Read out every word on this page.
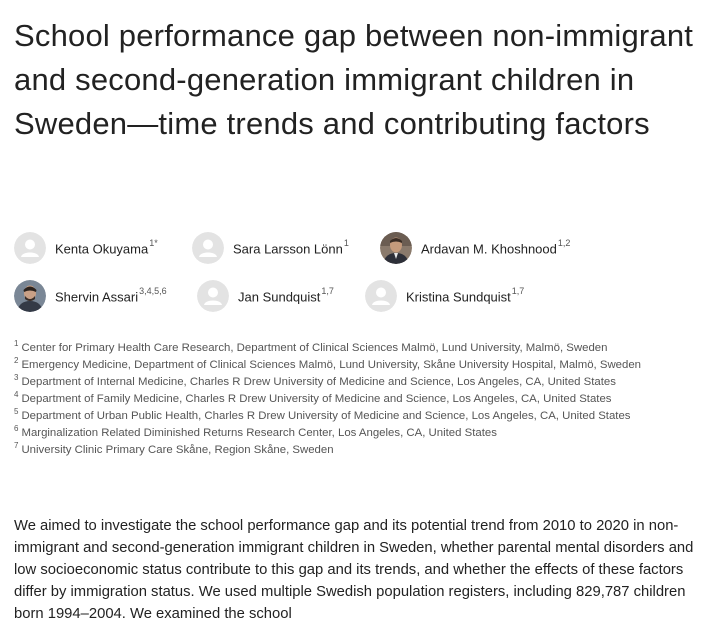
School performance gap between non-immigrant and second-generation immigrant children in Sweden—time trends and contributing factors
Kenta Okuyama$^{1*}$	Sara Larsson Lönn$^1$	Ardavan M. Khoshnood$^{1,2}$
Shervin Assari$^{3,4,5,6}$	Jan Sundquist$^{1,7}$	Kristina Sundquist$^{1,7}$
$^1$ Center for Primary Health Care Research, Department of Clinical Sciences Malmö, Lund University, Malmö, Sweden
$^2$ Emergency Medicine, Department of Clinical Sciences Malmö, Lund University, Skåne University Hospital, Malmö, Sweden
$^3$ Department of Internal Medicine, Charles R Drew University of Medicine and Science, Los Angeles, CA, United States
$^4$ Department of Family Medicine, Charles R Drew University of Medicine and Science, Los Angeles, CA, United States
$^5$ Department of Urban Public Health, Charles R Drew University of Medicine and Science, Los Angeles, CA, United States
$^6$ Marginalization Related Diminished Returns Research Center, Los Angeles, CA, United States
$^7$ University Clinic Primary Care Skåne, Region Skåne, Sweden

We aimed to investigate the school performance gap and its potential trend from 2010 to 2020 in non-immigrant and second-generation immigrant children in Sweden, whether parental mental disorders and low socioeconomic status contribute to this gap and its trends, and whether the effects of these factors differ by immigration status. We used multiple Swedish population registers, including 829,787 children born 1994–2004. We examined the school
